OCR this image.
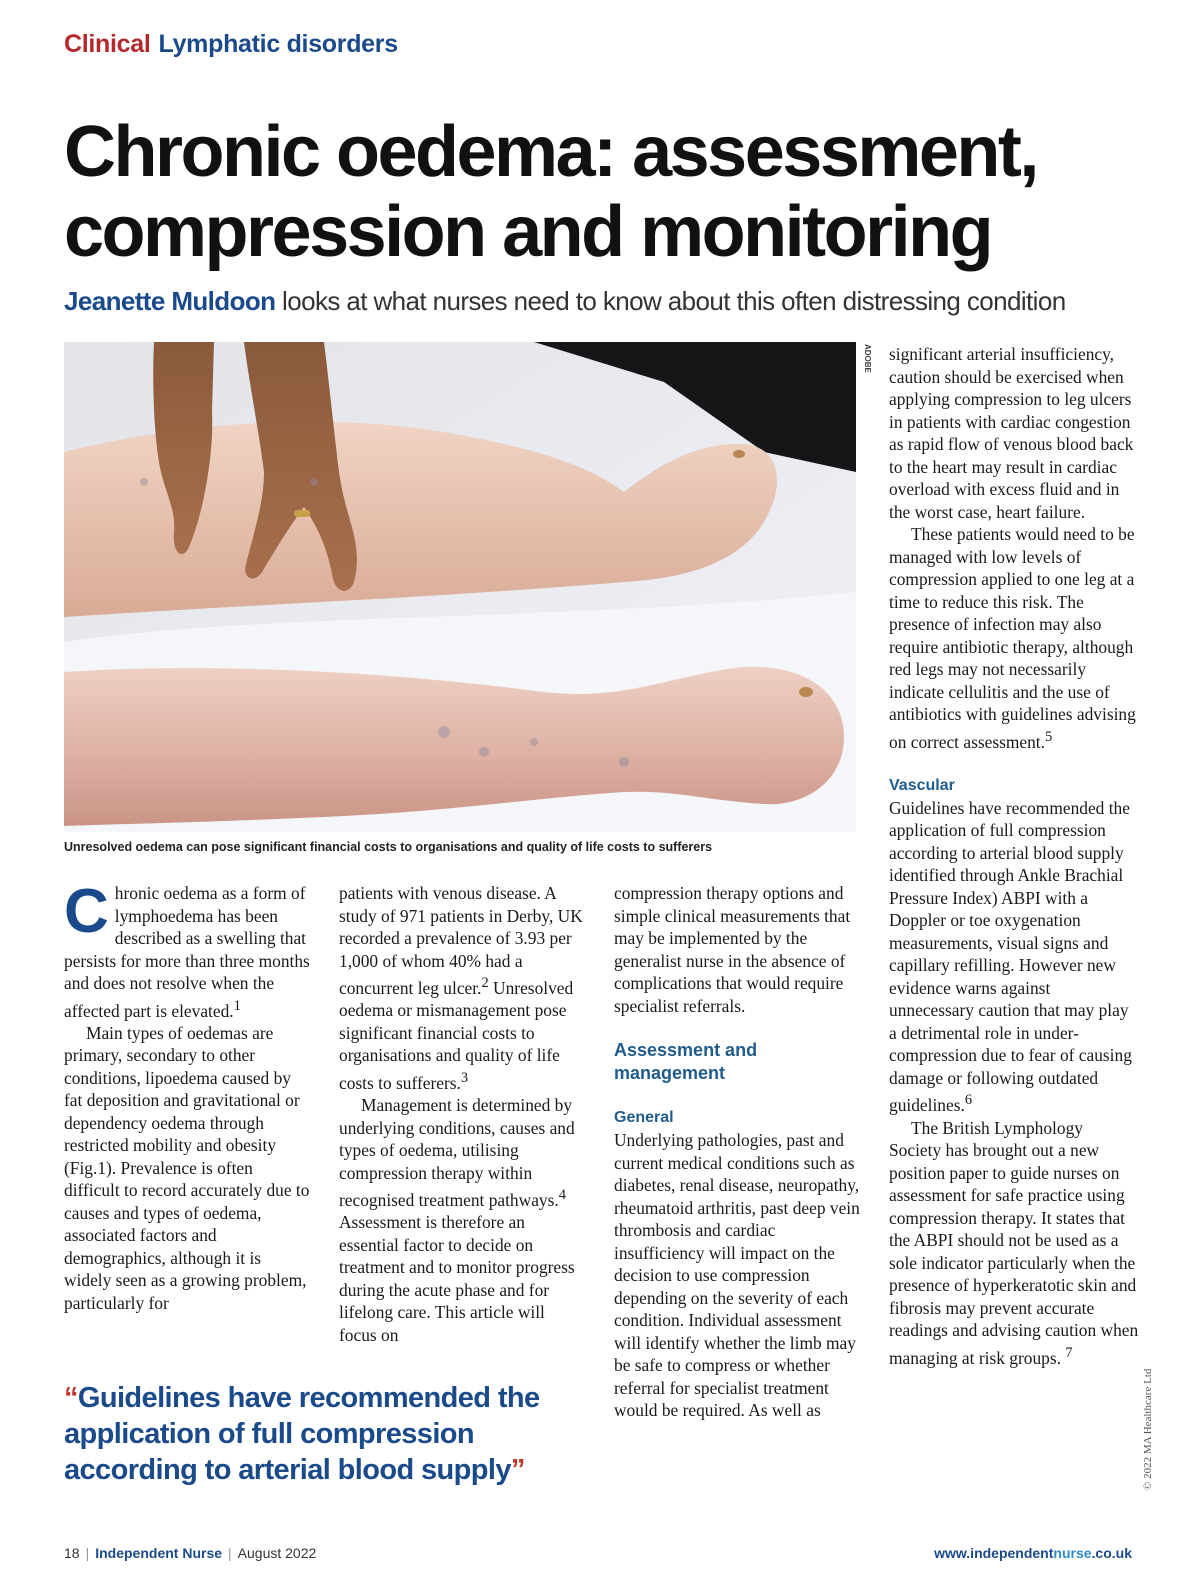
Clinical Lymphatic disorders
Chronic oedema: assessment,
compression and monitoring
Jeanette Muldoon looks at what nurses need to know about this often distressing condition
ADOBE
Unresolved oedema can pose significant financial costs to organisations and quality of life costs to sufferers

Chronic oedema as a form of lymphoedema has been described as a swelling that persists for more than three months and does not resolve when the affected part is elevated.$^1$

Main types of oedemas are primary, secondary to other conditions, lipoedema caused by fat deposition and gravitational or dependency oedema through restricted mobility and obesity (Fig.1). Prevalence is often difficult to record accurately due to causes and types of oedema, associated factors and demographics, although it is widely seen as a growing problem, particularly for

patients with venous disease. A study of 971 patients in Derby, UK recorded a prevalence of 3.93 per 1,000 of whom 40% had a concurrent leg ulcer.$^2$ Unresolved oedema or mismanagement pose significant financial costs to organisations and quality of life costs to sufferers.$^3$

Management is determined by underlying conditions, causes and types of oedema, utilising compression therapy within recognised treatment pathways.$^4$ Assessment is therefore an essential factor to decide on treatment and to monitor progress during the acute phase and for lifelong care. This article will focus on

compression therapy options and simple clinical measurements that may be implemented by the generalist nurse in the absence of complications that would require specialist referrals.

Assessment and management

General

Underlying pathologies, past and current medical conditions such as diabetes, renal disease, neuropathy, rheumatoid arthritis, past deep vein thrombosis and cardiac insufficiency will impact on the decision to use compression depending on the severity of each condition. Individual assessment will identify whether the limb may be safe to compress or whether referral for specialist treatment would be required. As well as

significant arterial insufficiency, caution should be exercised when applying compression to leg ulcers in patients with cardiac congestion as rapid flow of venous blood back to the heart may result in cardiac overload with excess fluid and in the worst case, heart failure.

These patients would need to be managed with low levels of compression applied to one leg at a time to reduce this risk. The presence of infection may also require antibiotic therapy, although red legs may not necessarily indicate cellulitis and the use of antibiotics with guidelines advising on correct assessment.$^5$

Vascular

Guidelines have recommended the application of full compression according to arterial blood supply identified through Ankle Brachial Pressure Index) ABPI with a Doppler or toe oxygenation measurements, visual signs and capillary refilling. However new evidence warns against unnecessary caution that may play a detrimental role in under-compression due to fear of causing damage or following outdated guidelines.$^6$

The British Lymphology Society has brought out a new position paper to guide nurses on assessment for safe practice using compression therapy. It states that the ABPI should not be used as a sole indicator particularly when the presence of hyperkeratotic skin and fibrosis may prevent accurate readings and advising caution when managing at risk groups. $^7$

“Guidelines have recommended the application of full compression according to arterial blood supply”	© 2022 MA Healthcare Ltd
18 | Independent Nurse | August 2022	www.independentnurse.co.uk
